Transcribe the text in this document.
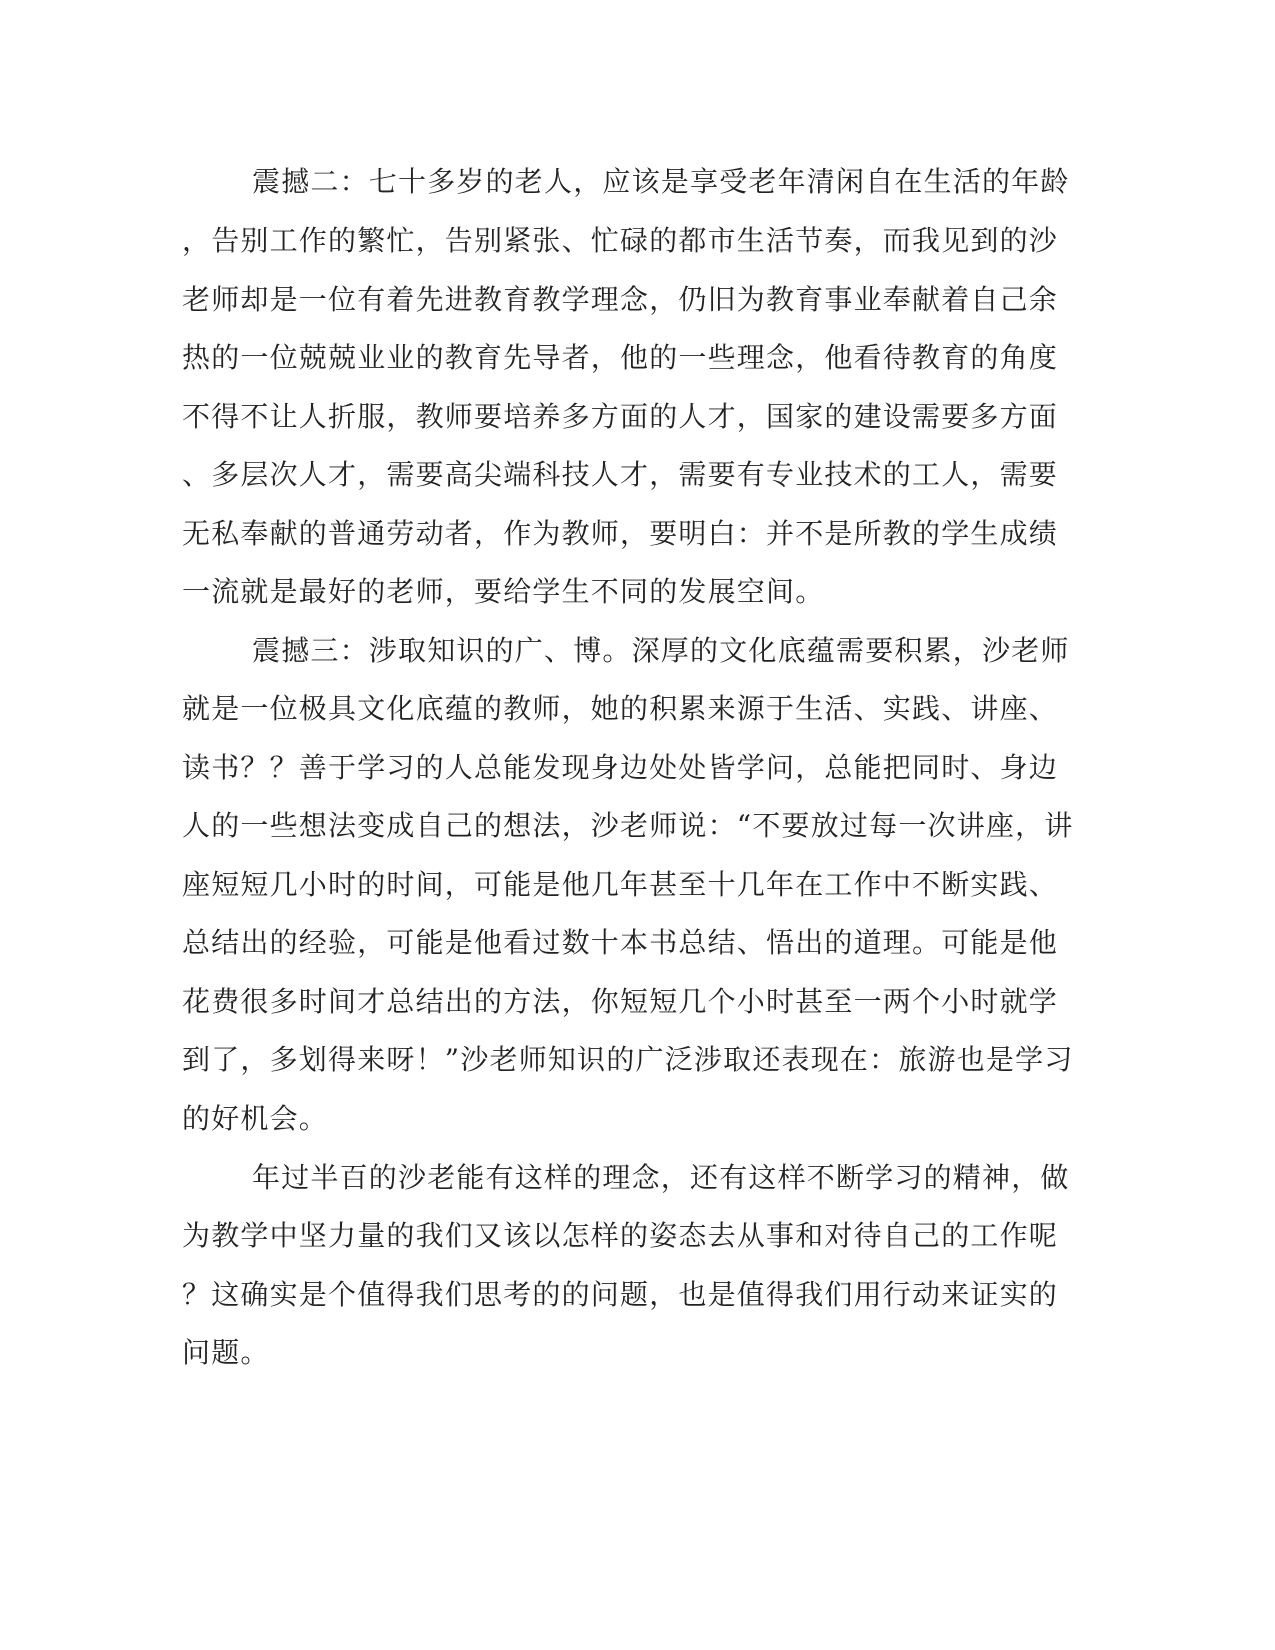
震撼二：七十多岁的老人，应该是享受老年清闲自在生活的年龄
，告别工作的繁忙，告别紧张、忙碌的都市生活节奏，而我见到的沙
老师却是一位有着先进教育教学理念，仍旧为教育事业奉献着自己余
热的一位兢兢业业的教育先导者，他的一些理念，他看待教育的角度
不得不让人折服，教师要培养多方面的人才，国家的建设需要多方面
、多层次人才，需要高尖端科技人才，需要有专业技术的工人，需要
无私奉献的普通劳动者，作为教师，要明白：并不是所教的学生成绩
一流就是最好的老师，要给学生不同的发展空间。
震撼三：涉取知识的广、博。深厚的文化底蕴需要积累，沙老师
就是一位极具文化底蕴的教师，她的积累来源于生活、实践、讲座、
读书？？善于学习的人总能发现身边处处皆学问，总能把同时、身边
人的一些想法变成自己的想法，沙老师说：“不要放过每一次讲座，讲
座短短几小时的时间，可能是他几年甚至十几年在工作中不断实践、
总结出的经验，可能是他看过数十本书总结、悟出的道理。可能是他
花费很多时间才总结出的方法，你短短几个小时甚至一两个小时就学
到了，多划得来呀！”沙老师知识的广泛涉取还表现在：旅游也是学习
的好机会。
年过半百的沙老能有这样的理念，还有这样不断学习的精神，做
为教学中坚力量的我们又该以怎样的姿态去从事和对待自己的工作呢
？这确实是个值得我们思考的的问题，也是值得我们用行动来证实的
问题。
